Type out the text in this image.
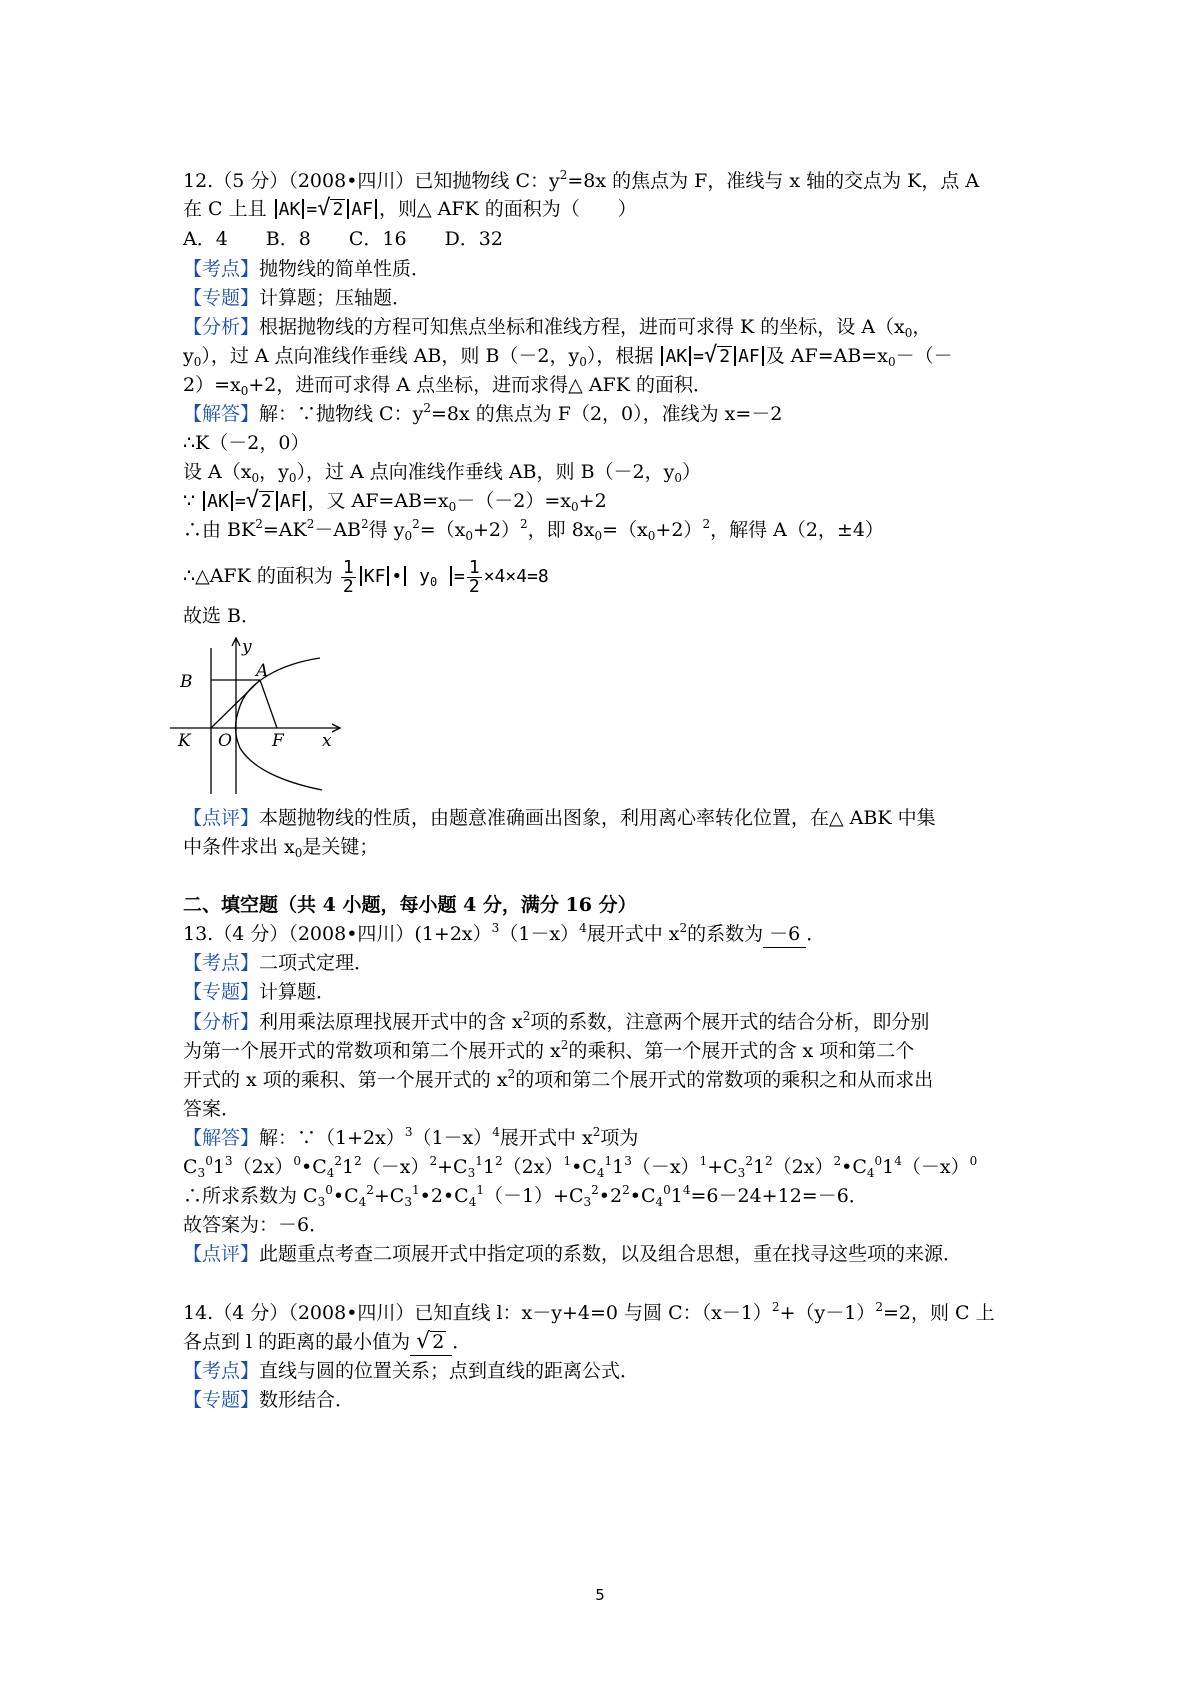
12.（5 分）（2008•四川）已知抛物线 C：$y^2=8x$ 的焦点为 F，准线与 x 轴的交点为 K，点 A
在 C 上且 AK =√ 2 AF ，则△ AFK 的面积为（　　）
A．4　　B．8　　C．16　　D．32
【考点】抛物线的简单性质．
【专题】计算题；压轴题．
【分析】根据抛物线的方程可知焦点坐标和准线方程，进而可求得 K 的坐标，设 $A(x_0$，
$y_0$），过 A 点向准线作垂线 AB，则 B（－2，$y_0$），根据 AK =√ 2 AF 及 $AF=AB=x_0-(-$
$2)=x_0+2$，进而可求得 A 点坐标，进而求得△ AFK 的面积．
【解答】解：∵抛物线 C：$y^2=8x$ 的焦点为 F（2，0），准线为 x=－2
∴K（－2，0）
设 $A(x_0$，$y_0$），过 A 点向准线作垂线 AB，则 B（－2，$y_0$）
∵ AK =√ 2 AF ，又 $AF=AB=x_0-(-2)=x_0+2$
∴由 $BK^2=AK^2-AB^2$得 $y_0^2=(x_0+2)^2$，即 $8x_0=(x_0+2)^2$，解得 A（2，±4）
∴△AFK 的面积为 $\frac{1}{2}$ KF • $y_0 = \frac{1}{2} \times 4\times 4=8$
故选 B．
y
B
A
K O F x
【点评】本题抛物线的性质，由题意准确画出图象，利用离心率转化位置，在△ ABK 中集
中条件求出 $x_0$是关键；
二、填空题（共 4 小题，每小题 4 分，满分 16 分）
13.（4 分）（2008•四川）$(1+2x)^3(1-x)^4$展开式中 $x^2$的系数为 －6 ．
【考点】二项式定理．
【专题】计算题．
【分析】利用乘法原理找展开式中的含 $x^2$项的系数，注意两个展开式的结合分析，即分别
为第一个展开式的常数项和第二个展开式的 $x^2$的乘积、第一个展开式的含 x 项和第二个
开式的 x 项的乘积、第一个展开式的 $x^2$的项和第二个展开式的常数项的乘积之和从而求出
答案．
【解答】解：$\because(1+2x)^3(1-x)^4$展开式中 $x^2$项为
$C_3^01^3(2x)^0•C_4^21^2(-x)^2+C_3^11^2(2x)^1•C_4^11^3(-x)^1+C_3^21^2(2x)^2•C_4^01^4(-x)^0$
∴所求系数为 $C_3^0•C_4^2+C_3^1•2•C_4^1(-1)+C_3^2•2^2•C_4^01^4=6-24+12=-6$．
故答案为：－6．
【点评】此题重点考查二项展开式中指定项的系数，以及组合思想，重在找寻这些项的来源．
14.（4 分）（2008•四川）已知直线 l：x－y+4=0 与圆 C：$(x-1)^2+(y-1)^2=2$，则 C 上
各点到 l 的距离的最小值为 √ 2 ．
【考点】直线与圆的位置关系；点到直线的距离公式．
【专题】数形结合．
5
